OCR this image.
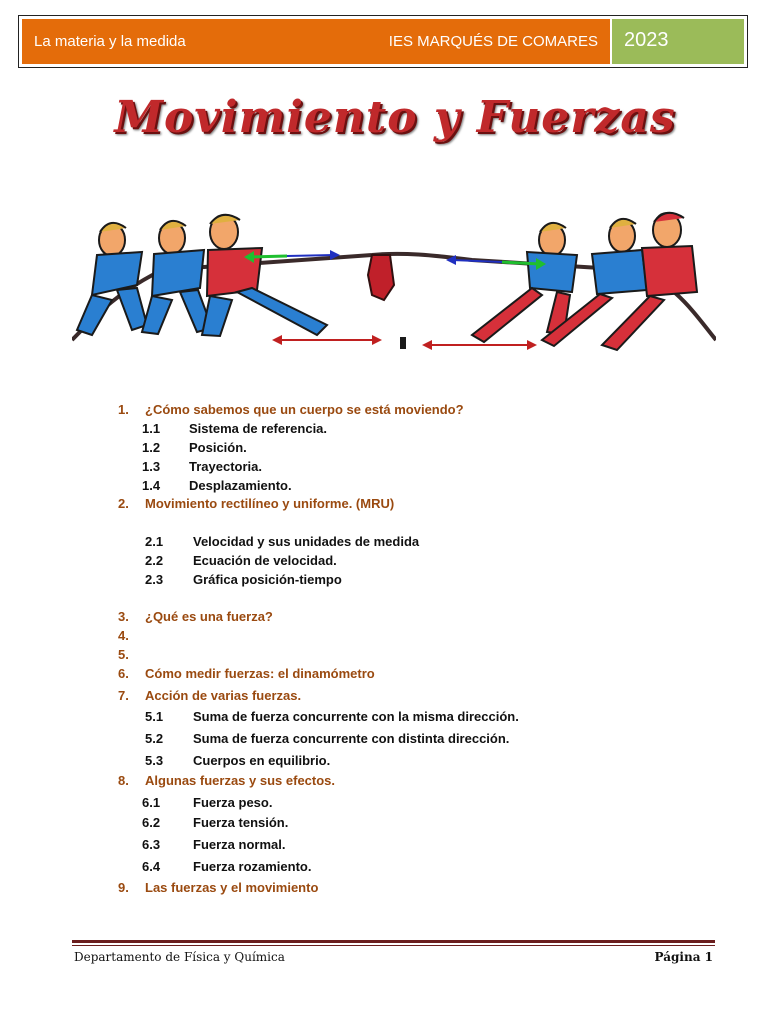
La materia y la medida	IES MARQUÉS DE COMARES	2023
Movimiento y Fuerzas
1. ¿Cómo sabemos que un cuerpo se está moviendo?
1.1 Sistema de referencia.
1.2 Posición.
1.3 Trayectoria.
1.4 Desplazamiento.
2. Movimiento rectilíneo y uniforme. (MRU)
2.1 Velocidad y sus unidades de medida
2.2 Ecuación de velocidad.
2.3 Gráfica posición-tiempo
3. ¿Qué es una fuerza?
4.
5.
6. Cómo medir fuerzas: el dinamómetro
7. Acción de varias fuerzas.
5.1 Suma de fuerza concurrente con la misma dirección.
5.2 Suma de fuerza concurrente con distinta dirección.
5.3 Cuerpos en equilibrio.
8. Algunas fuerzas y sus efectos.
6.1	Fuerza peso.
6.2	Fuerza tensión.
6.3	Fuerza normal.
6.4	Fuerza rozamiento.
9. Las fuerzas y el movimiento
Departamento de Física y Química	Página 1
